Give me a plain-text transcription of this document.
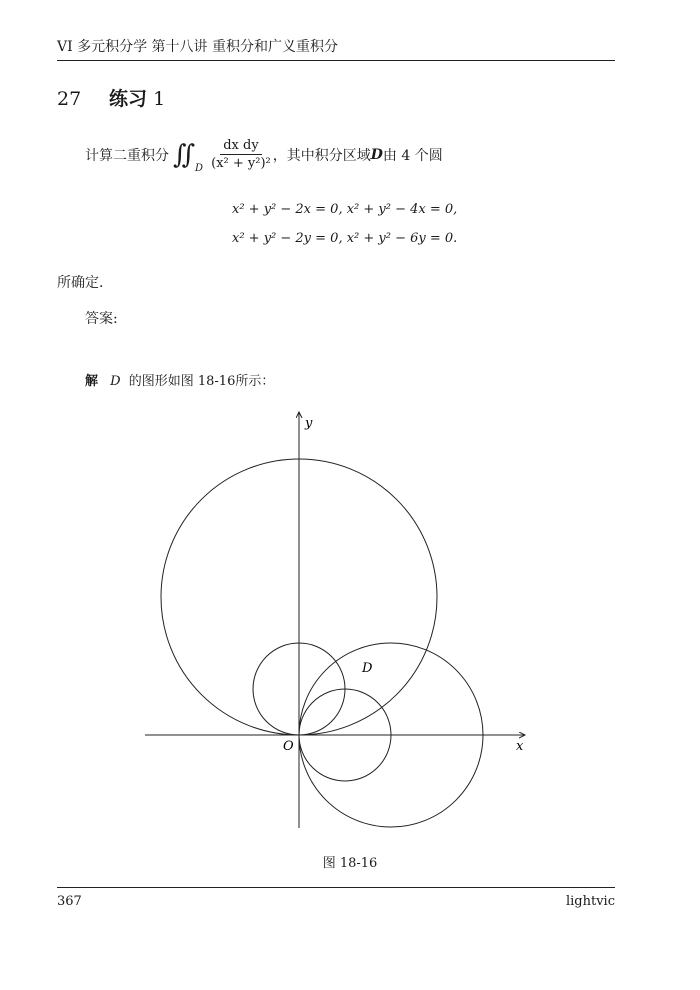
VI 多元积分学 第十八讲 重积分和广义重积分
27 练习 1
计算二重积分 ∬ D $\frac{\text{dx dy}}{\text{(x² + y²)²}}$ ，其中积分区域 D 由 4 个圆
x² + y² − 2x = 0, x² + y² − 4x = 0,
x² + y² − 2y = 0, x² + y² − 6y = 0.
所确定.
答案:
解 D 的图形如图 18-16所示：
x
y
O
D
图 18-16
367	lightvic
